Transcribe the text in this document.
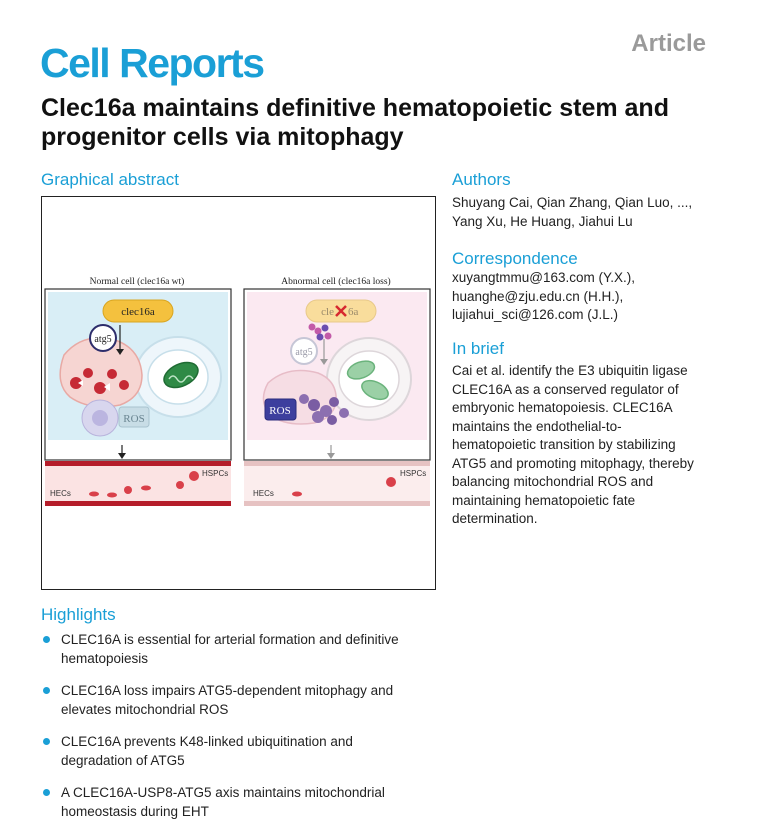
Cell Reports	Article
Clec16a maintains definitive hematopoietic stem and progenitor cells via mitophagy
Graphical abstract
Normal cell (clec16a wt)
clec16a
atg5
ROS
HSPCs
HECs
Abnormal cell (clec16a loss)
cle 6a
atg5
ROS
HSPCs
HECs
Highlights
CLEC16A is essential for arterial formation and definitive
hematopoiesis
CLEC16A loss impairs ATG5-dependent mitophagy and
elevates mitochondrial ROS
CLEC16A prevents K48-linked ubiquitination and
degradation of ATG5
A CLEC16A-USP8-ATG5 axis maintains mitochondrial
homeostasis during EHT
Authors
Shuyang Cai, Qian Zhang, Qian Luo, ...,
Yang Xu, He Huang, Jiahui Lu
Correspondence
xuyangtmmu@163.com (Y.X.),
huanghe@zju.edu.cn (H.H.),
lujiahui_sci@126.com (J.L.)
In brief
Cai et al. identify the E3 ubiquitin ligase
CLEC16A as a conserved regulator of
embryonic hematopoiesis. CLEC16A
maintains the endothelial-to-
hematopoietic transition by stabilizing
ATG5 and promoting mitophagy, thereby
balancing mitochondrial ROS and
maintaining hematopoietic fate
determination.
